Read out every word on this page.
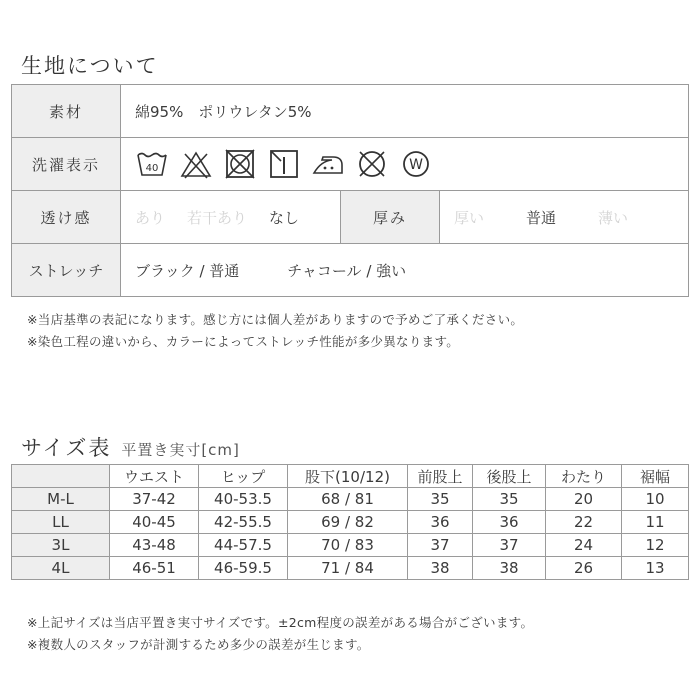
生地について
素材	綿95%　ポリウレタン5%		
洗濯表示	40 W		

透け感	あり 若干あり なし	厚み	厚い 普通 薄い

ストレッチ	ブラック / 普通 チャコール / 強い		
※当店基準の表記になります。感じ方には個人差がありますので予めご了承ください。
※染色工程の違いから、カラーによってストレッチ性能が多少異なります。
サイズ表 平置き実寸[cm]
	ウエスト	ヒップ	股下(10/12)	前股上	後股上	わたり	裾幅
M-L	37-42	40-53.5	68 / 81	35	35	20	10
LL	40-45	42-55.5	69 / 82	36	36	22	11
3L	43-48	44-57.5	70 / 83	37	37	24	12
4L	46-51	46-59.5	71 / 84	38	38	26	13
※上記サイズは当店平置き実寸サイズです。±2cm程度の誤差がある場合がございます。
※複数人のスタッフが計測するため多少の誤差が生じます。
